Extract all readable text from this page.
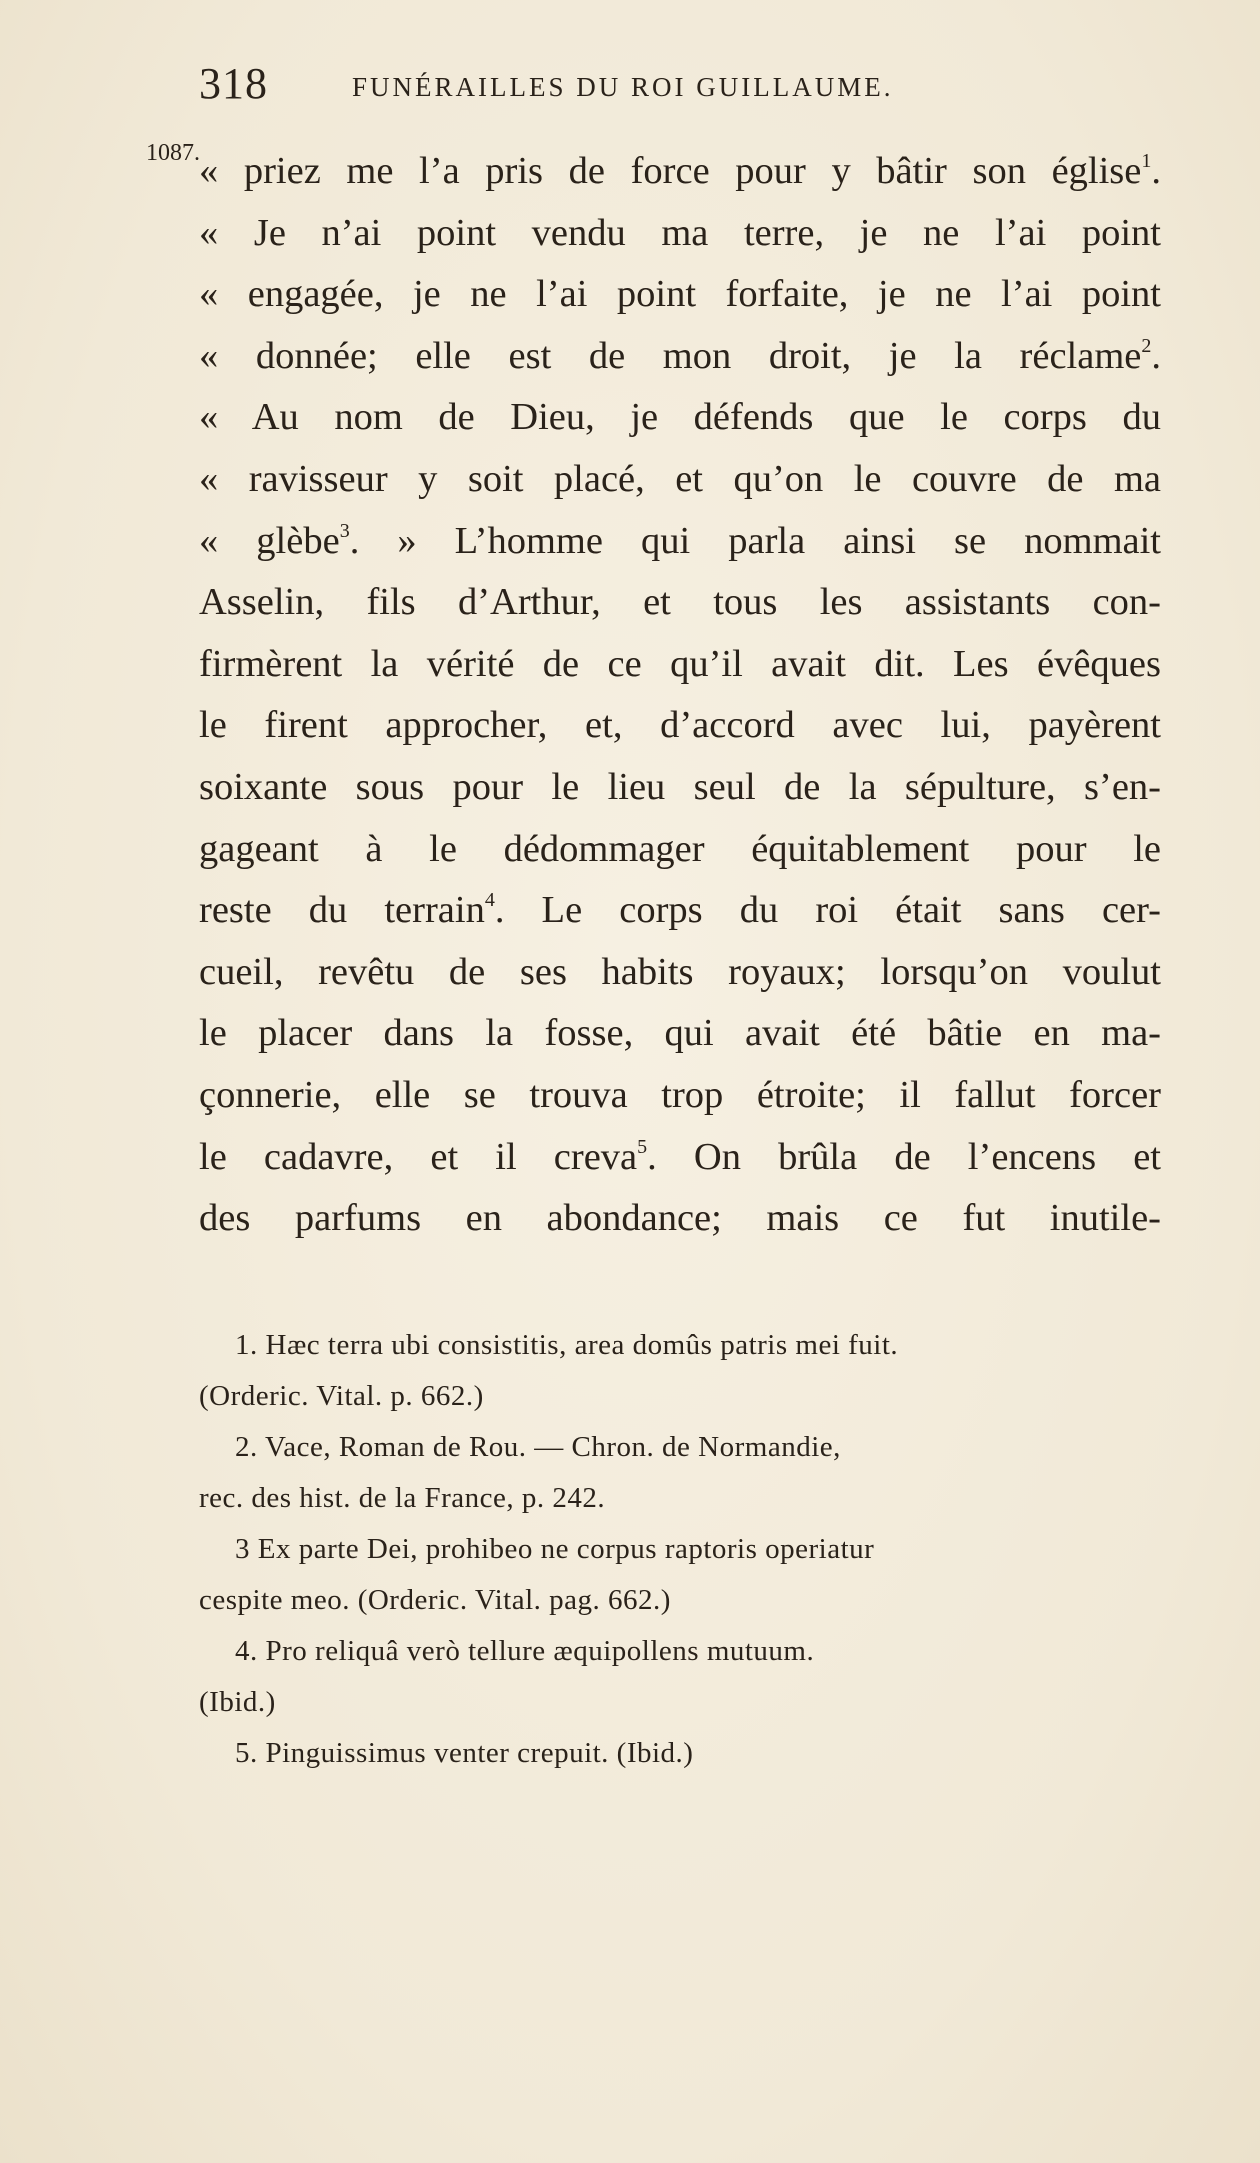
318	FUNÉRAILLES DU ROI GUILLAUME.
1087. « priez me l’a pris de force pour y bâtir son église$^1$.
« Je n’ai point vendu ma terre, je ne l’ai point
« engagée, je ne l’ai point forfaite, je ne l’ai point
« donnée; elle est de mon droit, je la réclame$^2$.
« Au nom de Dieu, je défends que le corps du
« ravisseur y soit placé, et qu’on le couvre de ma
« glèbe$^3$. » L’homme qui parla ainsi se nommait
Asselin, fils d’Arthur, et tous les assistants con-
firmèrent la vérité de ce qu’il avait dit. Les évêques
le firent approcher, et, d’accord avec lui, payèrent
soixante sous pour le lieu seul de la sépulture, s’en-
gageant à le dédommager équitablement pour le
reste du terrain$^4$. Le corps du roi était sans cer-
cueil, revêtu de ses habits royaux; lorsqu’on voulut
le placer dans la fosse, qui avait été bâtie en ma-
çonnerie, elle se trouva trop étroite; il fallut forcer
le cadavre, et il creva$^5$. On brûla de l’encens et
des parfums en abondance; mais ce fut inutile-
1. Hæc terra ubi consistitis, area domûs patris mei fuit.
(Orderic. Vital. p. 662.)
2. Vace, Roman de Rou. — Chron. de Normandie,
rec. des hist. de la France, p. 242.
3 Ex parte Dei, prohibeo ne corpus raptoris operiatur
cespite meo. (Orderic. Vital. pag. 662.)
4. Pro reliquâ verò tellure æquipollens mutuum.
(Ibid.)
5. Pinguissimus venter crepuit. (Ibid.)
